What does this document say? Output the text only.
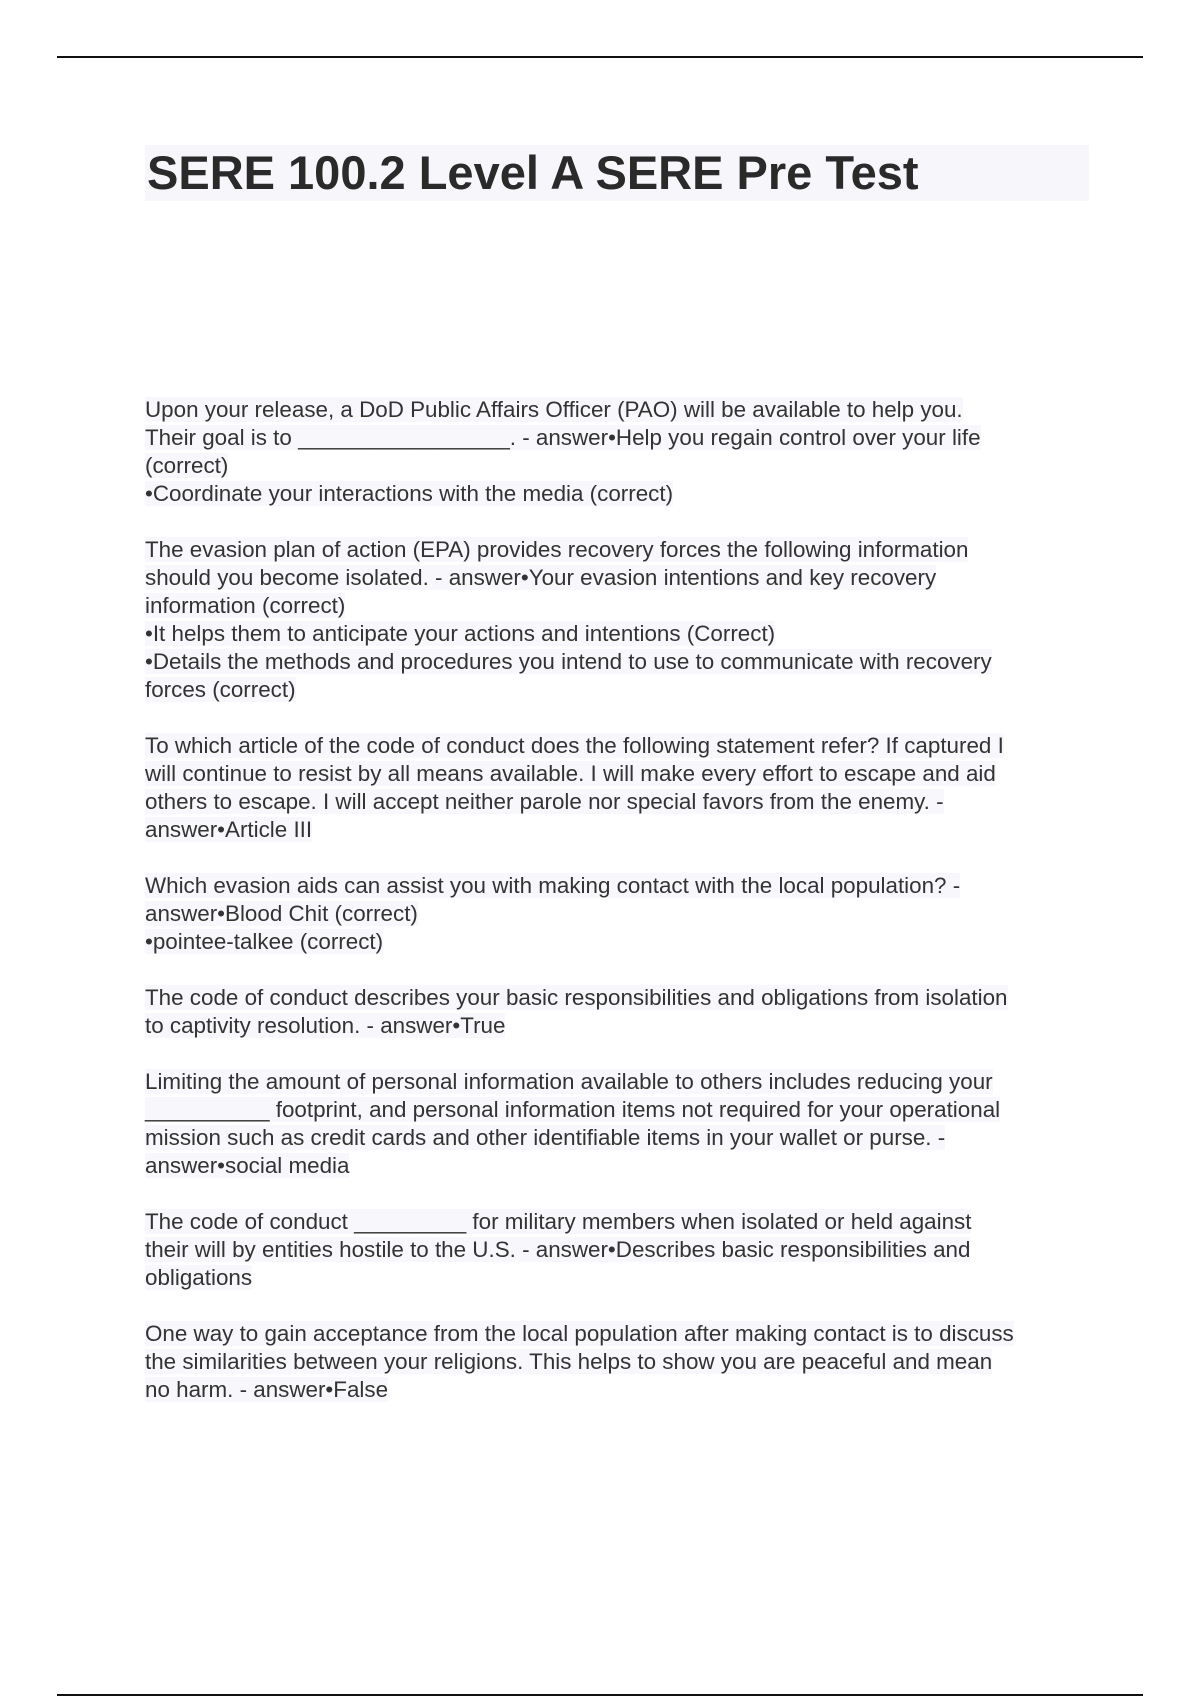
SERE 100.2 Level A SERE Pre Test
Upon your release, a DoD Public Affairs Officer (PAO) will be available to help you.
Their goal is to _________________. - answer•Help you regain control over your life
(correct)
•Coordinate your interactions with the media (correct)
The evasion plan of action (EPA) provides recovery forces the following information
should you become isolated. - answer•Your evasion intentions and key recovery
information (correct)
•It helps them to anticipate your actions and intentions (Correct)
•Details the methods and procedures you intend to use to communicate with recovery
forces (correct)
To which article of the code of conduct does the following statement refer? If captured I
will continue to resist by all means available. I will make every effort to escape and aid
others to escape. I will accept neither parole nor special favors from the enemy. -
answer•Article III
Which evasion aids can assist you with making contact with the local population? -
answer•Blood Chit (correct)
•pointee-talkee (correct)
The code of conduct describes your basic responsibilities and obligations from isolation
to captivity resolution. - answer•True
Limiting the amount of personal information available to others includes reducing your
__________ footprint, and personal information items not required for your operational
mission such as credit cards and other identifiable items in your wallet or purse. -
answer•social media
The code of conduct _________ for military members when isolated or held against
their will by entities hostile to the U.S. - answer•Describes basic responsibilities and
obligations
One way to gain acceptance from the local population after making contact is to discuss
the similarities between your religions. This helps to show you are peaceful and mean
no harm. - answer•False
